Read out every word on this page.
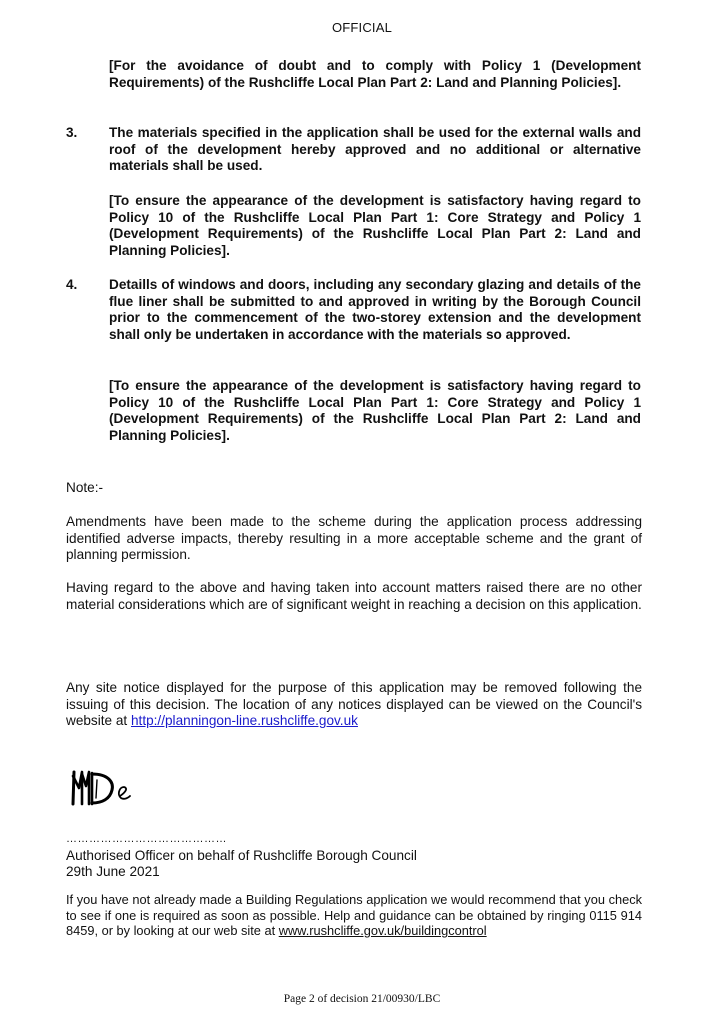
OFFICIAL
[For the avoidance of doubt and to comply with Policy 1 (Development Requirements) of the Rushcliffe Local Plan Part 2: Land and Planning Policies].
3.	The materials specified in the application shall be used for the external walls and roof of the development hereby approved and no additional or alternative materials shall be used.
[To ensure the appearance of the development is satisfactory having regard to Policy 10 of the Rushcliffe Local Plan Part 1: Core Strategy and Policy 1 (Development Requirements) of the Rushcliffe Local Plan Part 2: Land and Planning Policies].
4.	Detaills of windows and doors, including any secondary glazing and details of the flue liner shall be submitted to and approved in writing by the Borough Council prior to the commencement of the two-storey extension and the development shall only be undertaken in accordance with the materials so approved.
[To ensure the appearance of the development is satisfactory having regard to Policy 10 of the Rushcliffe Local Plan Part 1: Core Strategy and Policy 1 (Development Requirements) of the Rushcliffe Local Plan Part 2: Land and Planning Policies].
Note:-
Amendments have been made to the scheme during the application process addressing identified adverse impacts, thereby resulting in a more acceptable scheme and the grant of planning permission.
Having regard to the above and having taken into account matters raised there are no other material considerations which are of significant weight in reaching a decision on this application.
Any site notice displayed for the purpose of this application may be removed following the issuing of this decision. The location of any notices displayed can be viewed on the Council's website at http://planningon-line.rushcliffe.gov.uk
……………………………………
Authorised Officer on behalf of Rushcliffe Borough Council
29th June 2021
If you have not already made a Building Regulations application we would recommend that you check to see if one is required as soon as possible. Help and guidance can be obtained by ringing 0115 914 8459, or by looking at our web site at www.rushcliffe.gov.uk/buildingcontrol
Page 2 of decision 21/00930/LBC
